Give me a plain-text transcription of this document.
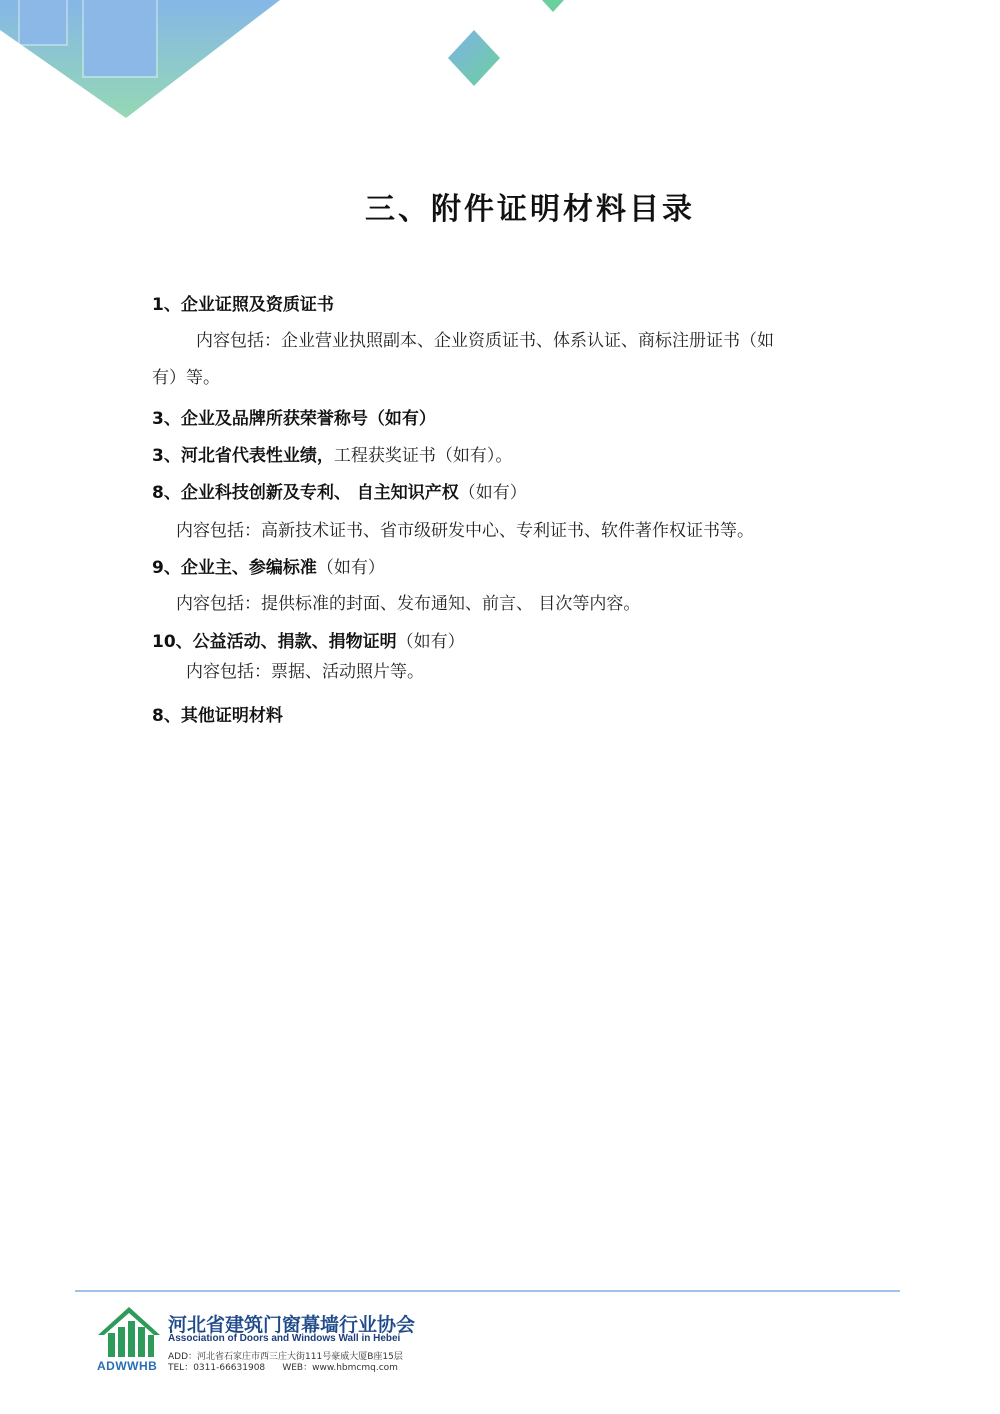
三、附件证明材料目录
1、企业证照及资质证书
内容包括：企业营业执照副本、企业资质证书、体系认证、商标注册证书（如
有）等。
3、企业及品牌所获荣誉称号（如有）
3、河北省代表性业绩，工程获奖证书（如有）。
8、企业科技创新及专利、 自主知识产权（如有）
内容包括：高新技术证书、省市级研发中心、专利证书、软件著作权证书等。
9、企业主、参编标准（如有）
内容包括：提供标准的封面、发布通知、前言、 目次等内容。
10、公益活动、捐款、捐物证明（如有）
内容包括：票据、活动照片等。
8、其他证明材料
ADWWHB
河北省建筑门窗幕墙行业协会
Association of Doors and Windows Wall in Hebei
ADD：河北省石家庄市西三庄大街111号豪威大厦B座15层
TEL：0311-66631908 WEB：www.hbmcmq.com
